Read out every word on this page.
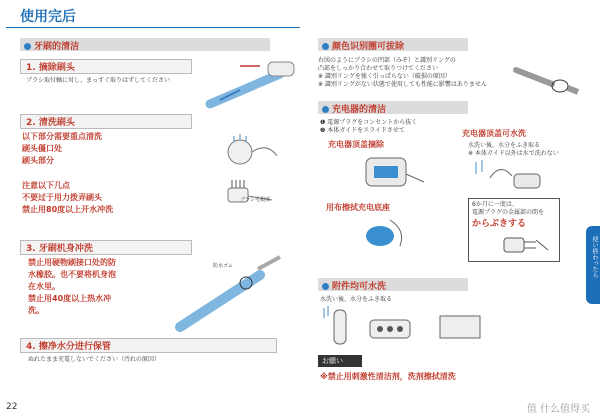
使用完后
牙刷的清洁
1. 摘除刷头
ブラシ取付軸に対し、まっすぐ取りはずしてください
2. 清洗刷头

以下部分需要重点清洗

刷头僵口处

刷头部分

注意以下几点

不要过于用力拨弄刷头

禁止用80度以上开水冲洗

ブラシ毛根部
3. 牙刷机身冲洗

禁止用硬物刷接口处的防

水橡胶。也不要将机身泡

在水里。

禁止用40度以上热水冲

洗。

防水ゴム
4. 擦净水分进行保管
ぬれたまま充電しないでください（汚れの原因）
22
颜色识别圈可拔除
右図のようにブラシの凹部（みぞ）と識別リングの
凸部をしっかり合わせて取りつけてください
※ 識別リングを強く引っぱらない（破損の原因）
※ 識別リングがない状態で使用しても性能に影響はありません
充电器的清洁
❶ 電源プラグをコンセントから抜く
❷ 本体ガイドをスライドさせて
充电器顶盖摘除
充电器顶盖可水洗
水洗い後、水分をふき取る
※ 本体ガイド以外は水で洗わない
用布擦拭充电底座	6か月に一度は、
電源プラグの金属部の間を
からぶきする
附件均可水洗
水洗い後、水分をふき取る
お願い
※禁止用刺激性清洁剂，洗剂擦拭清洗
使い終わったら
值 什么值得买
